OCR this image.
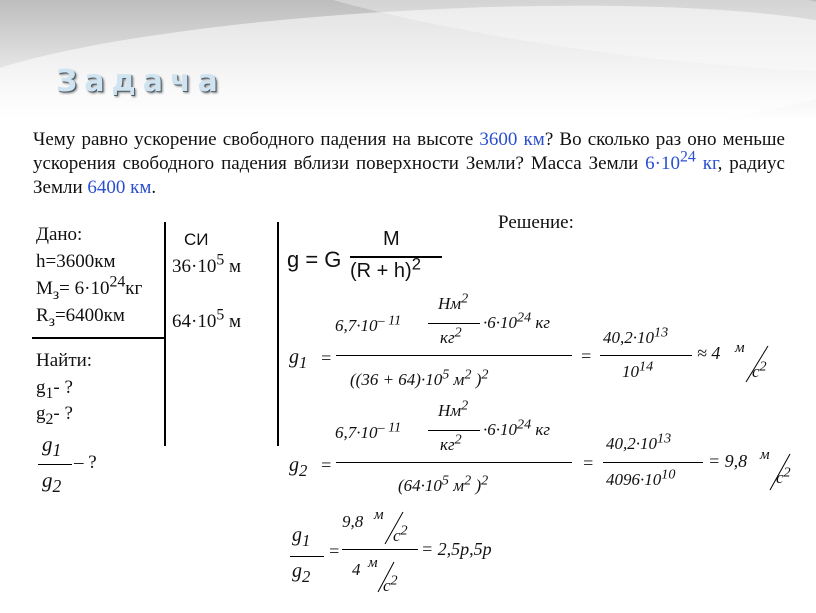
Задача
Чему равно ускорение свободного падения на высоте 3600 км? Во сколько раз оно меньше ускорения свободного падения вблизи поверхности Земли? Масса Земли $6\cdot 10^{24}$ кг, радиус Земли 6400 км.
Дано:
h=3600км
$M_з= 6\cdot 10^{24}кг$
$R_з=6400км$
Найти:
$g_1-$ ?
$g_2-$ ?
$g_1$
$g_2$
– ?
СИ
$36\cdot 10^5$ м
$64\cdot 10^5$ м
Решение:
g = G
M
$(R + h)^2$
$g_1$ =
$6,7\cdot 10^{- 11}$
$Нм^2$
$кг^2$
$\cdot 6\cdot 10^{24}$ кг
($(36 + 64)\cdot 10^5$ $м^2$ )$^2$
=
$40,2\cdot 10^{13}$
$10^{14}$
≈ 4 м
$с^2$
$g_2$ =
$6,7\cdot 10^{- 11}$
$Нм^2$
$кг^2$
$\cdot 6\cdot 10^{24}$ кг
($64\cdot 10^5$ $м^2$ )$^2$
=
$40,2\cdot 10^{13}$
$4096\cdot 10^{10}$
= 9,8 м
$с^2$
$g_1$
$g_2$
=
9,8 м
$с^2$
4 м
$с^2$
= 2,5р,5р
